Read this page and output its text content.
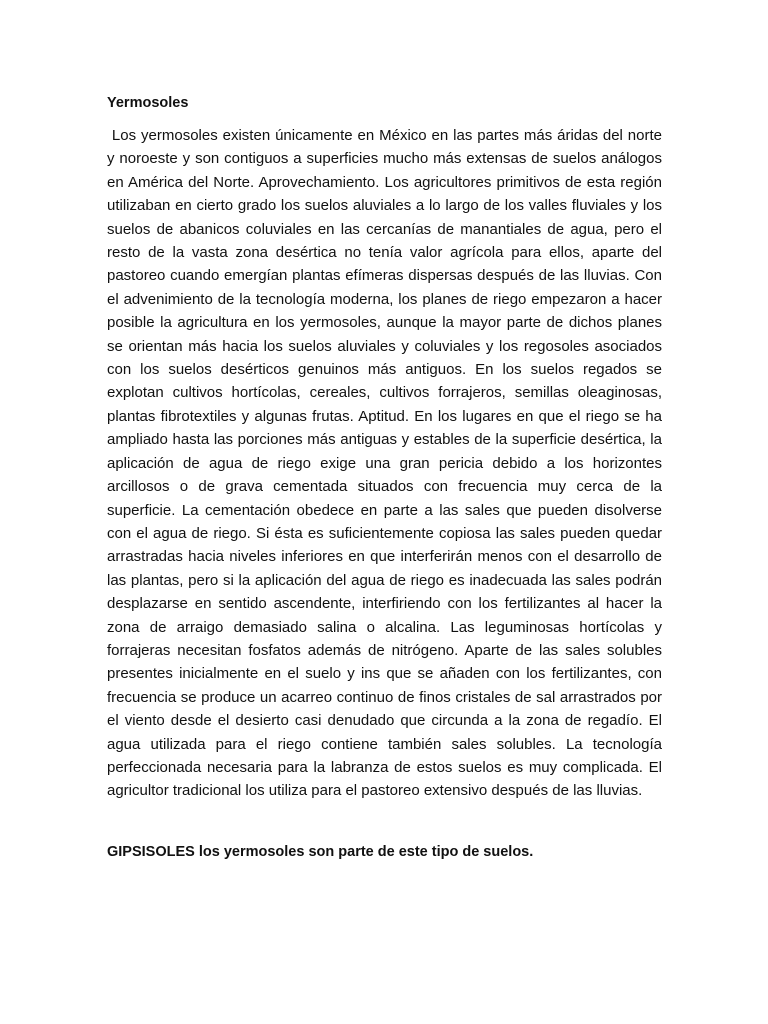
Yermosoles

Los yermosoles existen únicamente en México en las partes más áridas del norte y noroeste y son contiguos a superficies mucho más extensas de suelos análogos en América del Norte. Aprovechamiento. Los agricultores primitivos de esta región utilizaban en cierto grado los suelos aluviales a lo largo de los valles fluviales y los suelos de abanicos coluviales en las cercanías de manantiales de agua, pero el resto de la vasta zona desértica no tenía valor agrícola para ellos, aparte del pastoreo cuando emergían plantas efímeras dispersas después de las lluvias. Con el advenimiento de la tecnología moderna, los planes de riego empezaron a hacer posible la agricultura en los yermosoles, aunque la mayor parte de dichos planes se orientan más hacia los suelos aluviales y coluviales y los regosoles asociados con los suelos desérticos genuinos más antiguos. En los suelos regados se explotan cultivos hortícolas, cereales, cultivos forrajeros, semillas oleaginosas, plantas fibrotextiles y algunas frutas. Aptitud. En los lugares en que el riego se ha ampliado hasta las porciones más antiguas y estables de la superficie desértica, la aplicación de agua de riego exige una gran pericia debido a los horizontes arcillosos o de grava cementada situados con frecuencia muy cerca de la superficie. La cementación obedece en parte a las sales que pueden disolverse con el agua de riego. Si ésta es suficientemente copiosa las sales pueden quedar arrastradas hacia niveles inferiores en que interferirán menos con el desarrollo de las plantas, pero si la aplicación del agua de riego es inadecuada las sales podrán desplazarse en sentido ascendente, interfiriendo con los fertilizantes al hacer la zona de arraigo demasiado salina o alcalina. Las leguminosas hortícolas y forrajeras necesitan fosfatos además de nitrógeno. Aparte de las sales solubles presentes inicialmente en el suelo y ins que se añaden con los fertilizantes, con frecuencia se produce un acarreo continuo de finos cristales de sal arrastrados por el viento desde el desierto casi denudado que circunda a la zona de regadío. El agua utilizada para el riego contiene también sales solubles. La tecnología perfeccionada necesaria para la labranza de estos suelos es muy complicada. El agricultor tradicional los utiliza para el pastoreo extensivo después de las lluvias.

GIPSISOLES los yermosoles son parte de este tipo de suelos.
